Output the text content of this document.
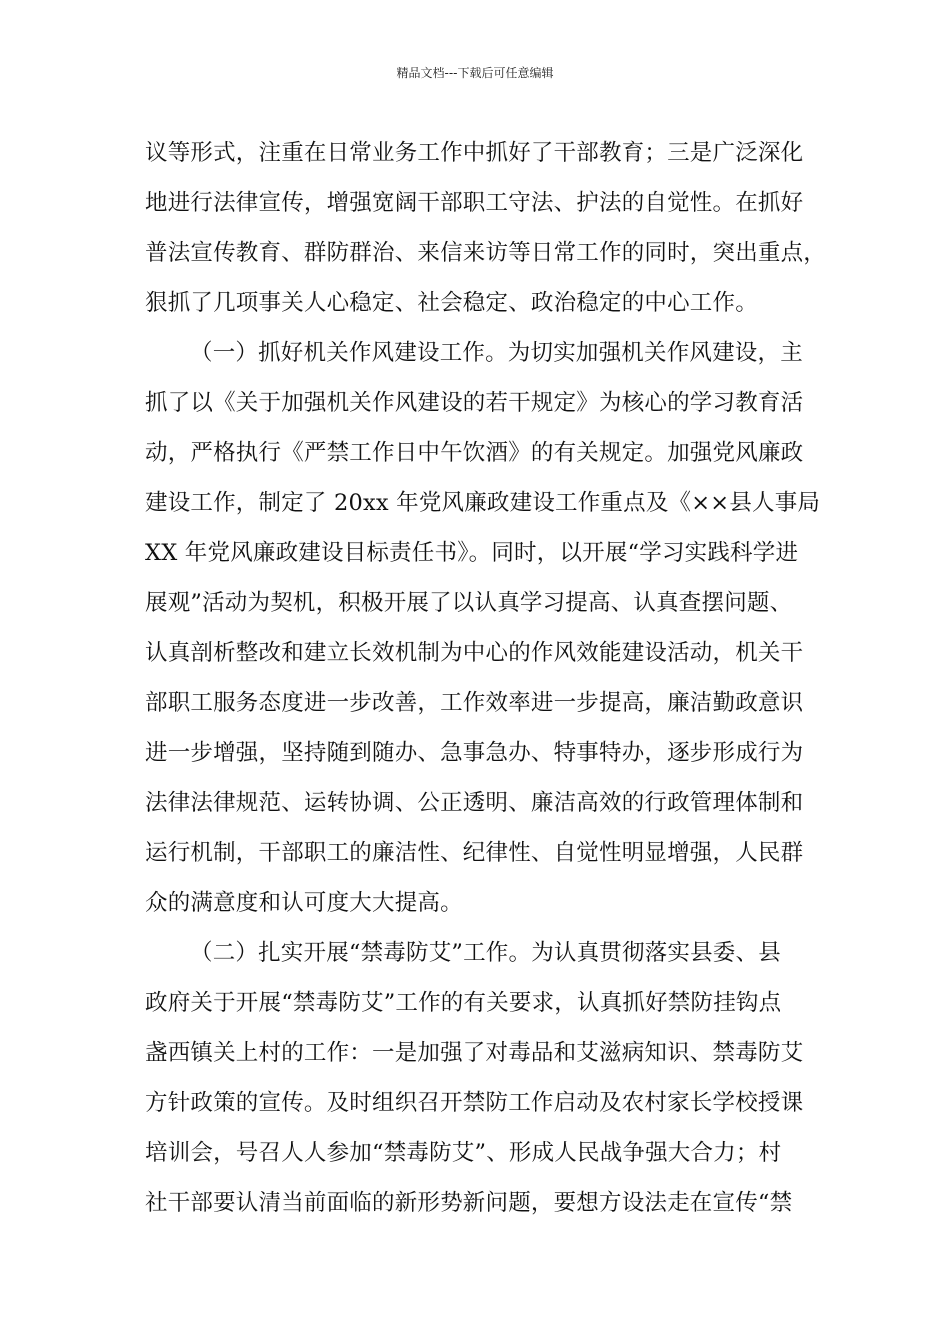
精品文档---下载后可任意编辑
议等形式，注重在日常业务工作中抓好了干部教育；三是广泛深化
地进行法律宣传，增强宽阔干部职工守法、护法的自觉性。在抓好
普法宣传教育、群防群治、来信来访等日常工作的同时，突出重点，
狠抓了几项事关人心稳定、社会稳定、政治稳定的中心工作。
（一）抓好机关作风建设工作。为切实加强机关作风建设，主
抓了以《关于加强机关作风建设的若干规定》为核心的学习教育活
动，严格执行《严禁工作日中午饮酒》的有关规定。加强党风廉政
建设工作，制定了 20xx 年党风廉政建设工作重点及《××县人事局
XX 年党风廉政建设目标责任书》。同时，以开展“学习实践科学进
展观”活动为契机，积极开展了以认真学习提高、认真查摆问题、
认真剖析整改和建立长效机制为中心的作风效能建设活动，机关干
部职工服务态度进一步改善，工作效率进一步提高，廉洁勤政意识
进一步增强，坚持随到随办、急事急办、特事特办，逐步形成行为
法律法律规范、运转协调、公正透明、廉洁高效的行政管理体制和
运行机制，干部职工的廉洁性、纪律性、自觉性明显增强，人民群
众的满意度和认可度大大提高。
（二）扎实开展“禁毒防艾”工作。为认真贯彻落实县委、县
政府关于开展“禁毒防艾”工作的有关要求，认真抓好禁防挂钩点
盏西镇关上村的工作：一是加强了对毒品和艾滋病知识、禁毒防艾
方针政策的宣传。及时组织召开禁防工作启动及农村家长学校授课
培训会，号召人人参加“禁毒防艾”、形成人民战争强大合力；村
社干部要认清当前面临的新形势新问题，要想方设法走在宣传“禁
